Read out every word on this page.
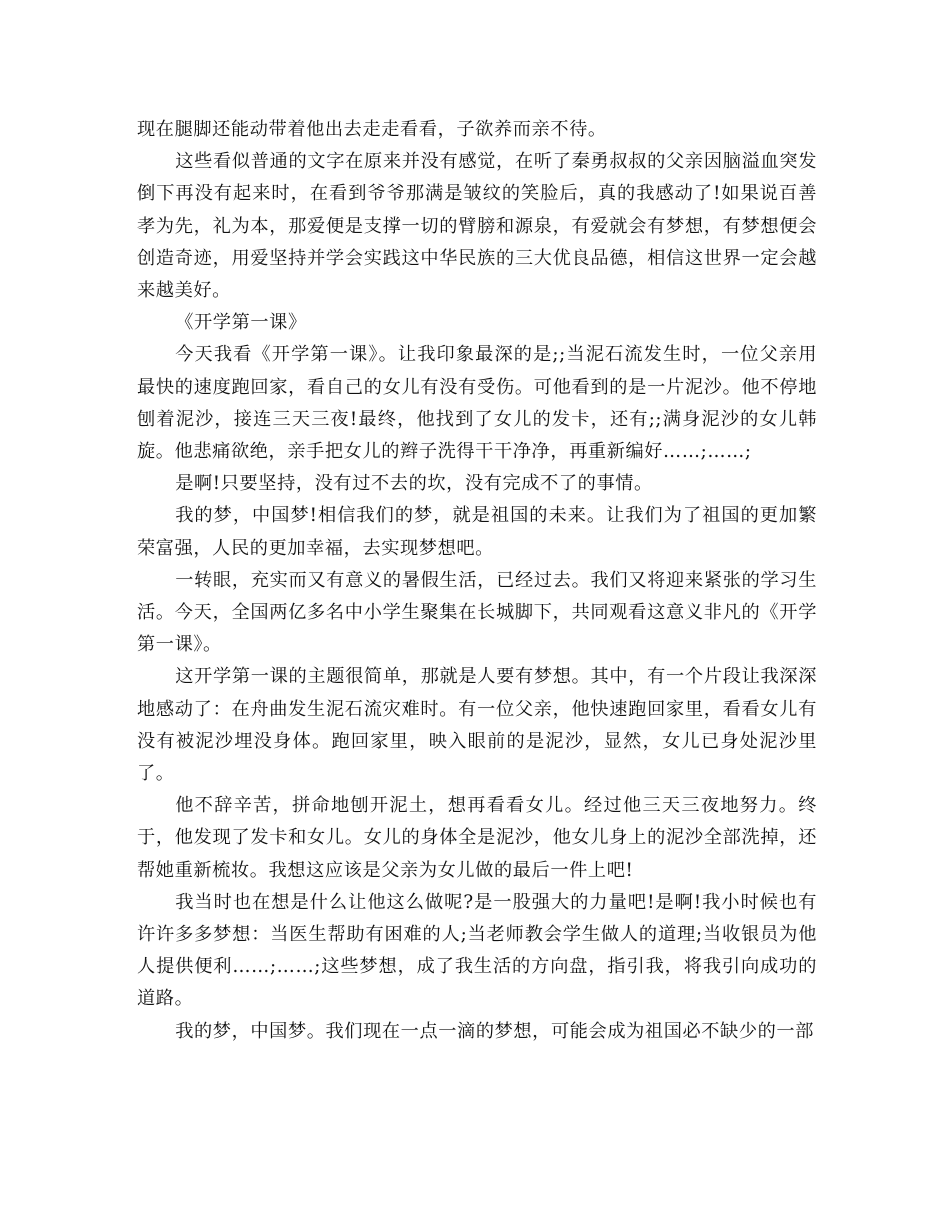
现在腿脚还能动带着他出去走走看看，子欲养而亲不待。

这些看似普通的文字在原来并没有感觉，在听了秦勇叔叔的父亲因脑溢血突发倒下再没有起来时，在看到爷爷那满是皱纹的笑脸后，真的我感动了!如果说百善孝为先，礼为本，那爱便是支撑一切的臂膀和源泉，有爱就会有梦想，有梦想便会创造奇迹，用爱坚持并学会实践这中华民族的三大优良品德，相信这世界一定会越来越美好。

《开学第一课》

今天我看《开学第一课》。让我印象最深的是;;当泥石流发生时，一位父亲用最快的速度跑回家，看自己的女儿有没有受伤。可他看到的是一片泥沙。他不停地刨着泥沙，接连三天三夜!最终，他找到了女儿的发卡，还有;;满身泥沙的女儿韩旋。他悲痛欲绝，亲手把女儿的辫子洗得干干净净，再重新编好……;……;

是啊!只要坚持，没有过不去的坎，没有完成不了的事情。

我的梦，中国梦!相信我们的梦，就是祖国的未来。让我们为了祖国的更加繁荣富强，人民的更加幸福，去实现梦想吧。

一转眼，充实而又有意义的暑假生活，已经过去。我们又将迎来紧张的学习生活。今天，全国两亿多名中小学生聚集在长城脚下，共同观看这意义非凡的《开学第一课》。

这开学第一课的主题很简单，那就是人要有梦想。其中，有一个片段让我深深地感动了：在舟曲发生泥石流灾难时。有一位父亲，他快速跑回家里，看看女儿有没有被泥沙埋没身体。跑回家里，映入眼前的是泥沙，显然，女儿已身处泥沙里了。

他不辞辛苦，拼命地刨开泥土，想再看看女儿。经过他三天三夜地努力。终于，他发现了发卡和女儿。女儿的身体全是泥沙，他女儿身上的泥沙全部洗掉，还帮她重新梳妆。我想这应该是父亲为女儿做的最后一件上吧!

我当时也在想是什么让他这么做呢?是一股强大的力量吧!是啊!我小时候也有许许多多梦想：当医生帮助有困难的人;当老师教会学生做人的道理;当收银员为他人提供便利……;……;这些梦想，成了我生活的方向盘，指引我，将我引向成功的道路。

我的梦，中国梦。我们现在一点一滴的梦想，可能会成为祖国必不缺少的一部
